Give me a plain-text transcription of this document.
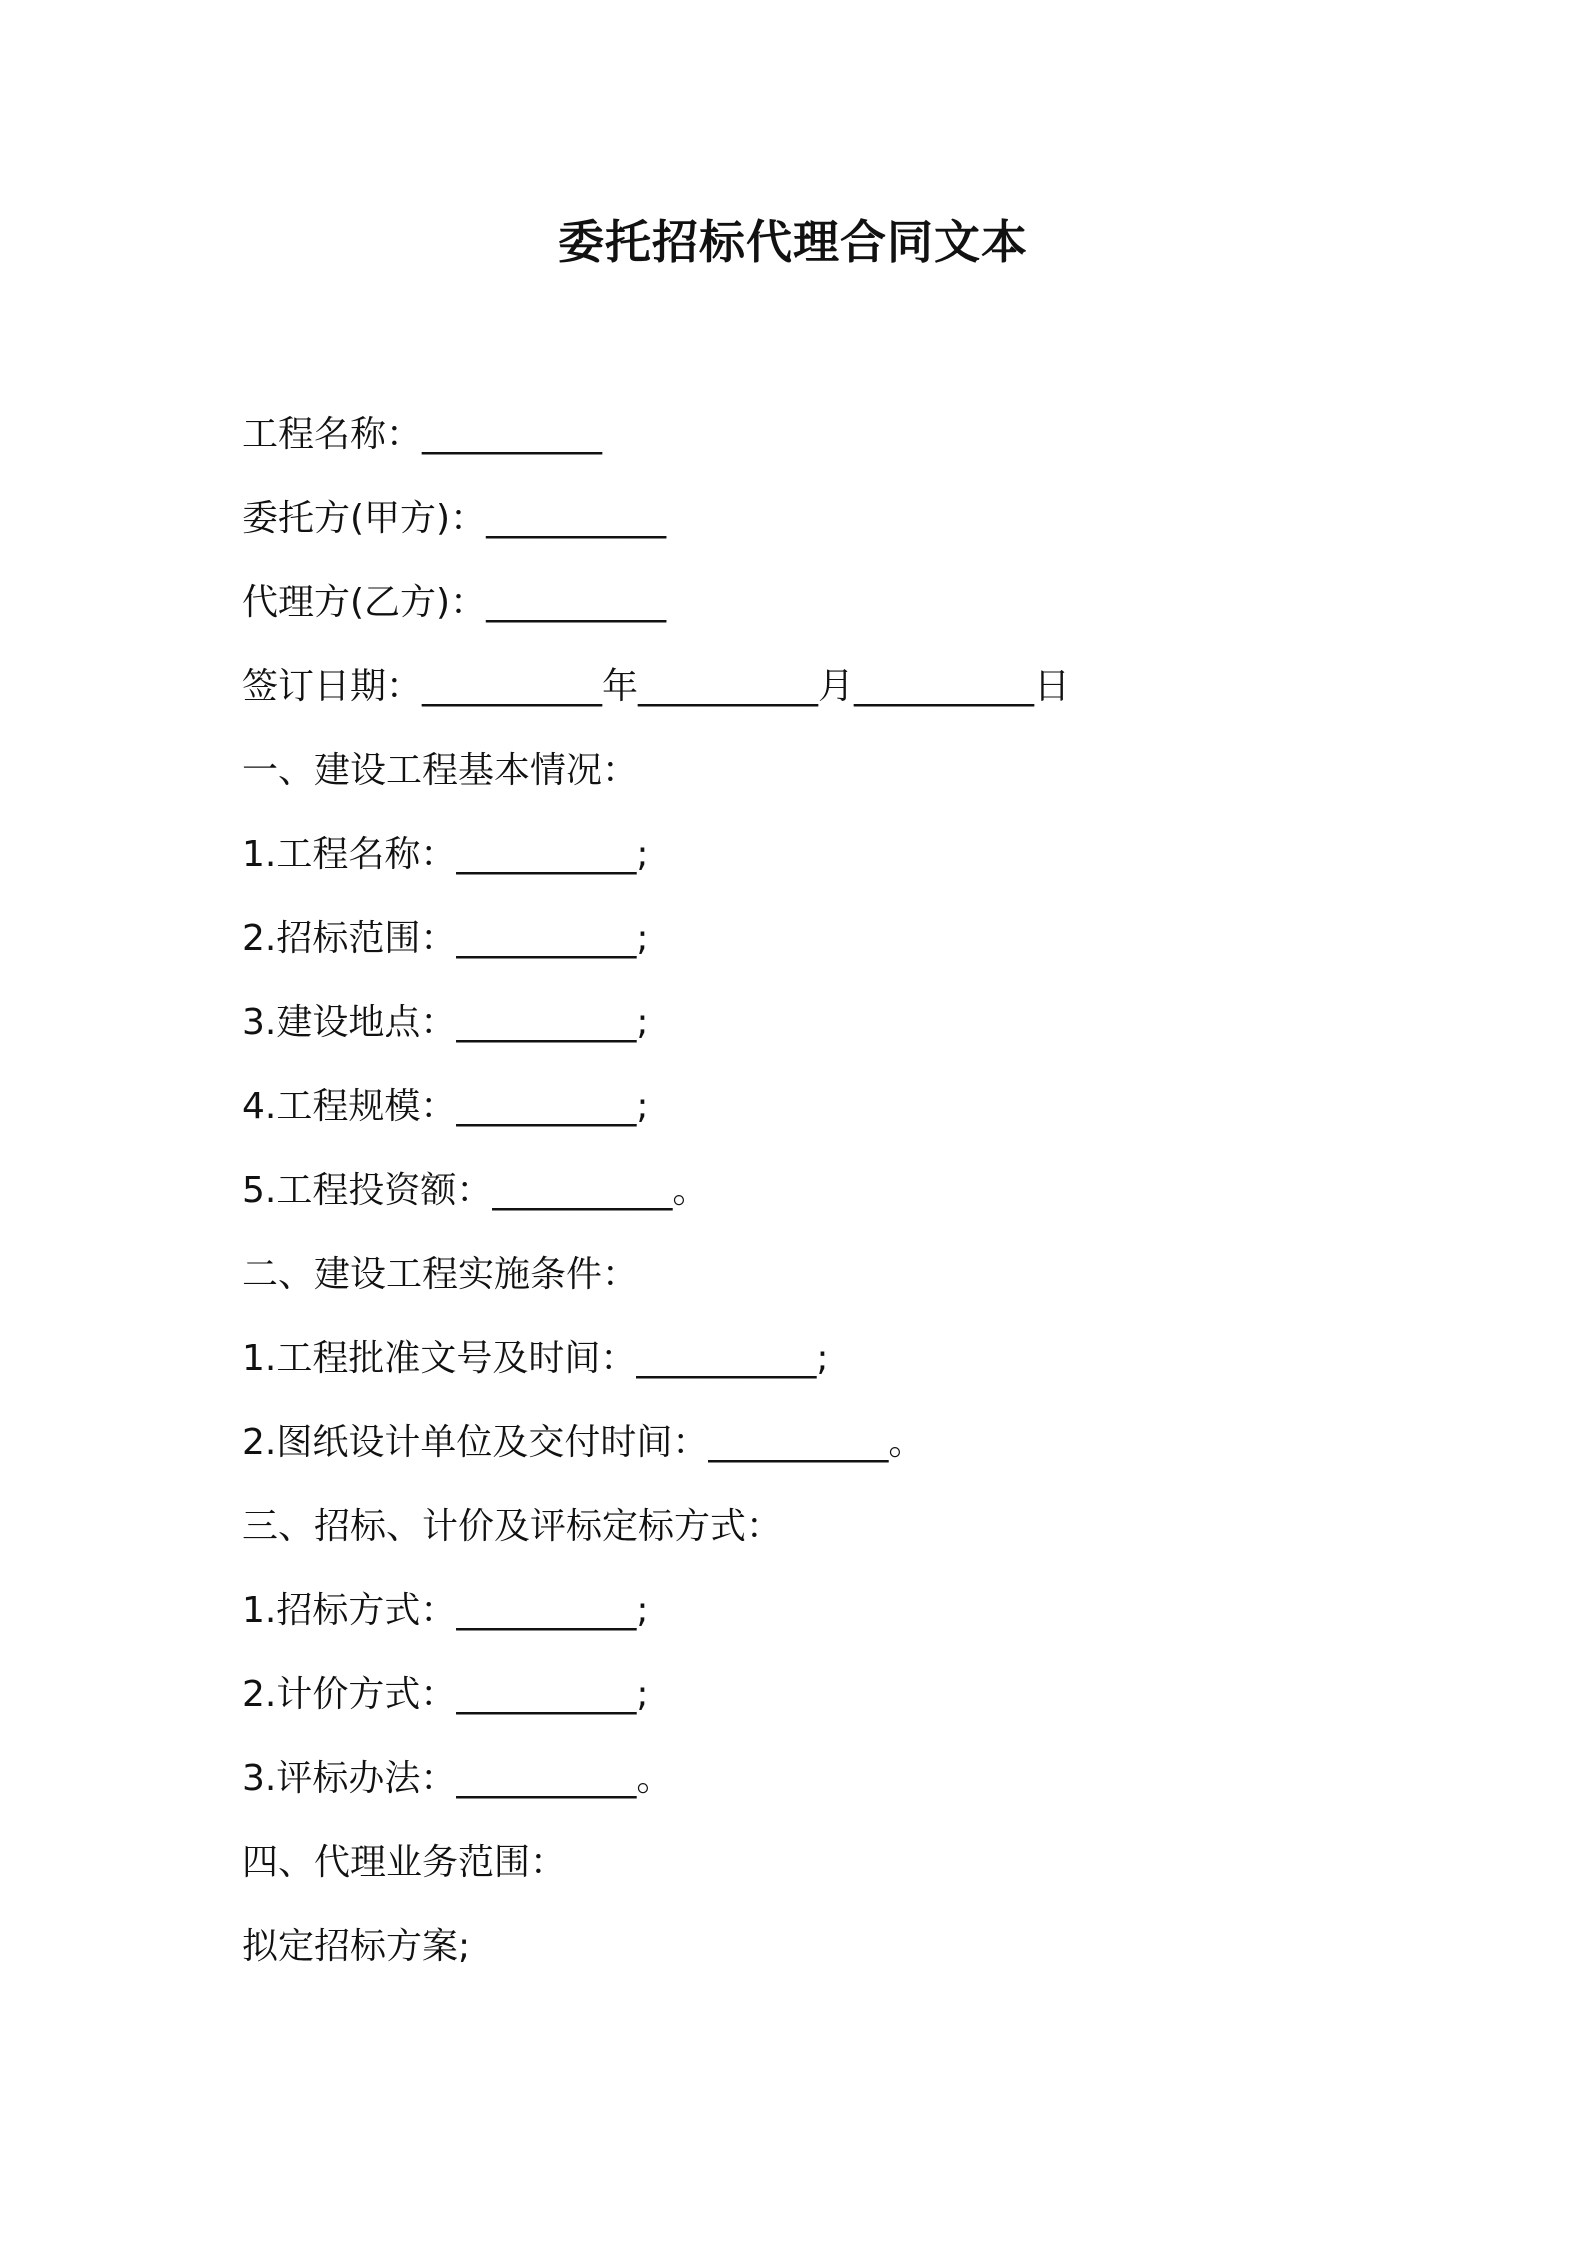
委托招标代理合同文本
工程名称：__________
委托方(甲方)：__________
代理方(乙方)：__________
签订日期：__________年__________月__________日
一、建设工程基本情况：
1.工程名称：__________;
2.招标范围：__________;
3.建设地点：__________;
4.工程规模：__________;
5.工程投资额：__________。
二、建设工程实施条件：
1.工程批准文号及时间：__________;
2.图纸设计单位及交付时间：__________。
三、招标、计价及评标定标方式：
1.招标方式：__________;
2.计价方式：__________;
3.评标办法：__________。
四、代理业务范围：
拟定招标方案;
